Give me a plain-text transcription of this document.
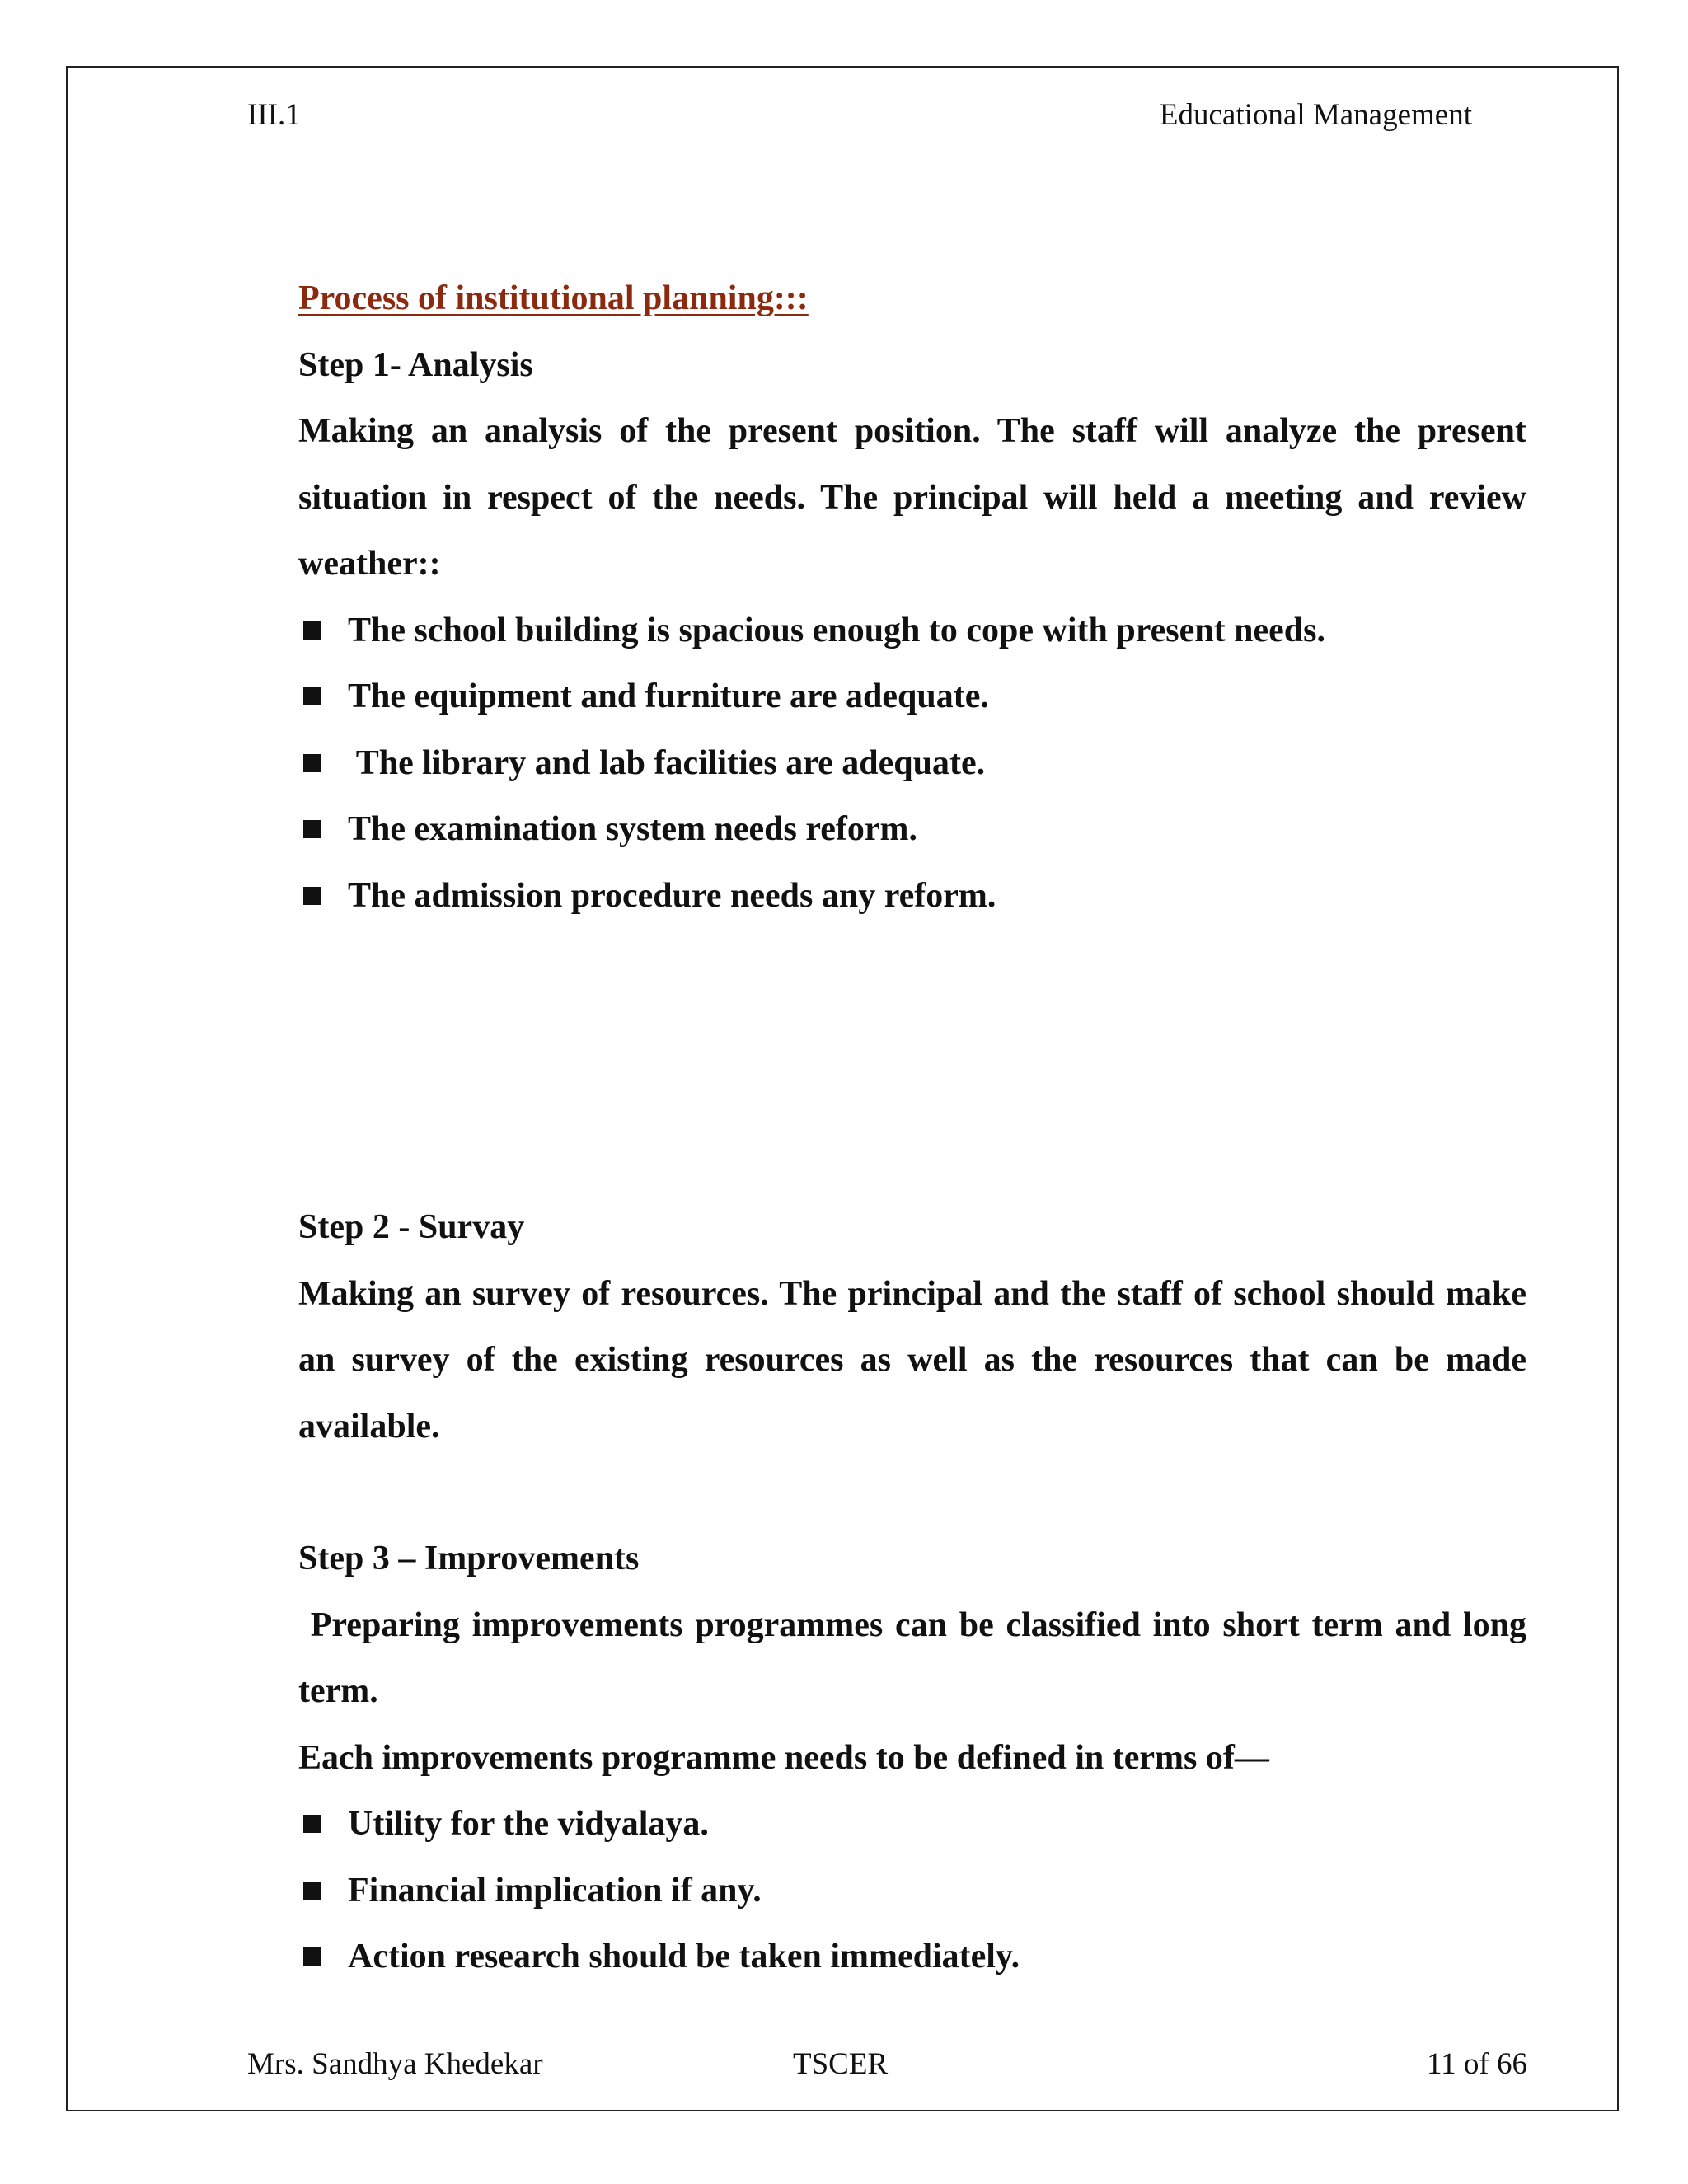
III.1	Educational Management
Process of institutional planning:::
Step 1- Analysis
Making an analysis of the present position. The staff will analyze the present situation in respect of the needs. The principal will held a meeting and review weather::
The school building is spacious enough to cope with present needs.
The equipment and furniture are adequate.
The library and lab facilities are adequate.
The examination system needs reform.
The admission procedure needs any reform.
Step 2 - Survay
Making an survey of resources. The principal and the staff of school should make an survey of the existing resources as well as the resources that can be made available.
Step 3 – Improvements
Preparing improvements programmes can be classified into short term and long term.
Each improvements programme needs to be defined in terms of—
Utility for the vidyalaya.
Financial implication if any.
Action research should be taken immediately.
Mrs. Sandhya Khedekar	TSCER	11 of 66
